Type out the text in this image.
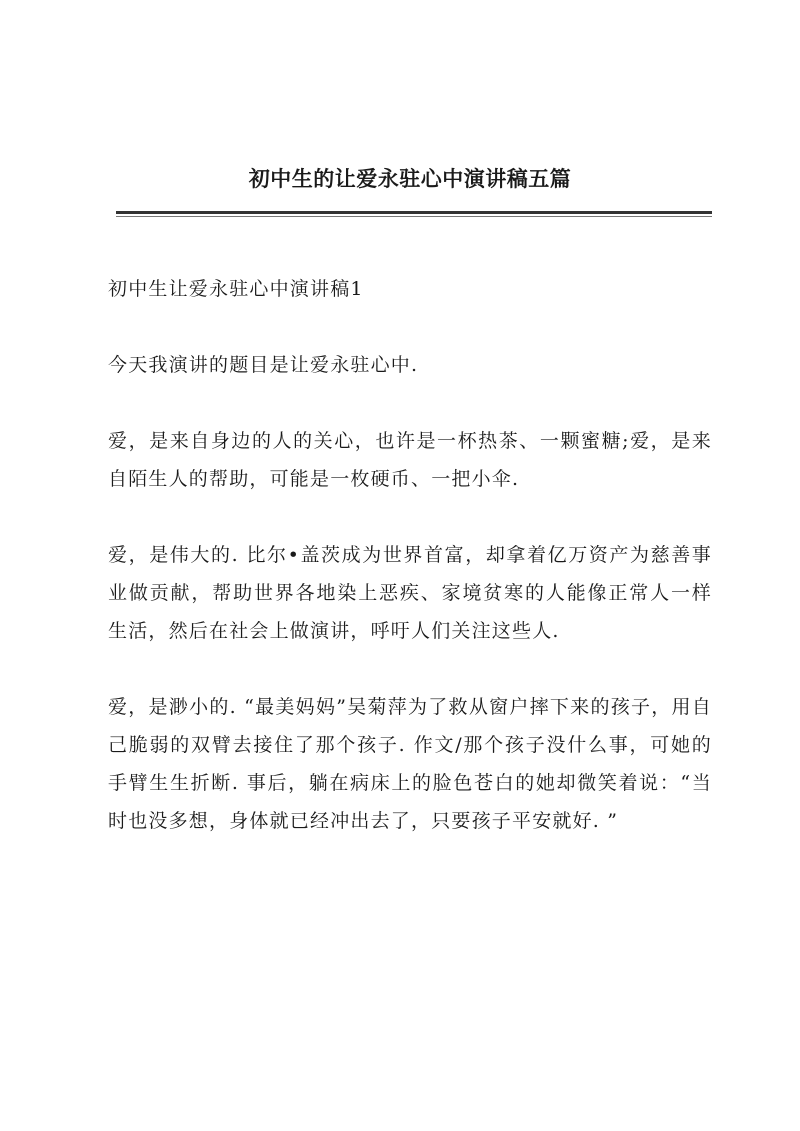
初中生的让爱永驻心中演讲稿五篇

初中生让爱永驻心中演讲稿1

今天我演讲的题目是让爱永驻心中.

爱，是来自身边的人的关心，也许是一杯热茶、一颗蜜糖;爱，是来自陌生人的帮助，可能是一枚硬币、一把小伞.

爱，是伟大的. 比尔•盖茨成为世界首富，却拿着亿万资产为慈善事业做贡献，帮助世界各地染上恶疾、家境贫寒的人能像正常人一样生活，然后在社会上做演讲，呼吁人们关注这些人.

爱，是渺小的. “最美妈妈”吴菊萍为了救从窗户摔下来的孩子，用自己脆弱的双臂去接住了那个孩子. 作文/那个孩子没什么事，可她的手臂生生折断. 事后，躺在病床上的脸色苍白的她却微笑着说：“当时也没多想，身体就已经冲出去了，只要孩子平安就好. ”
